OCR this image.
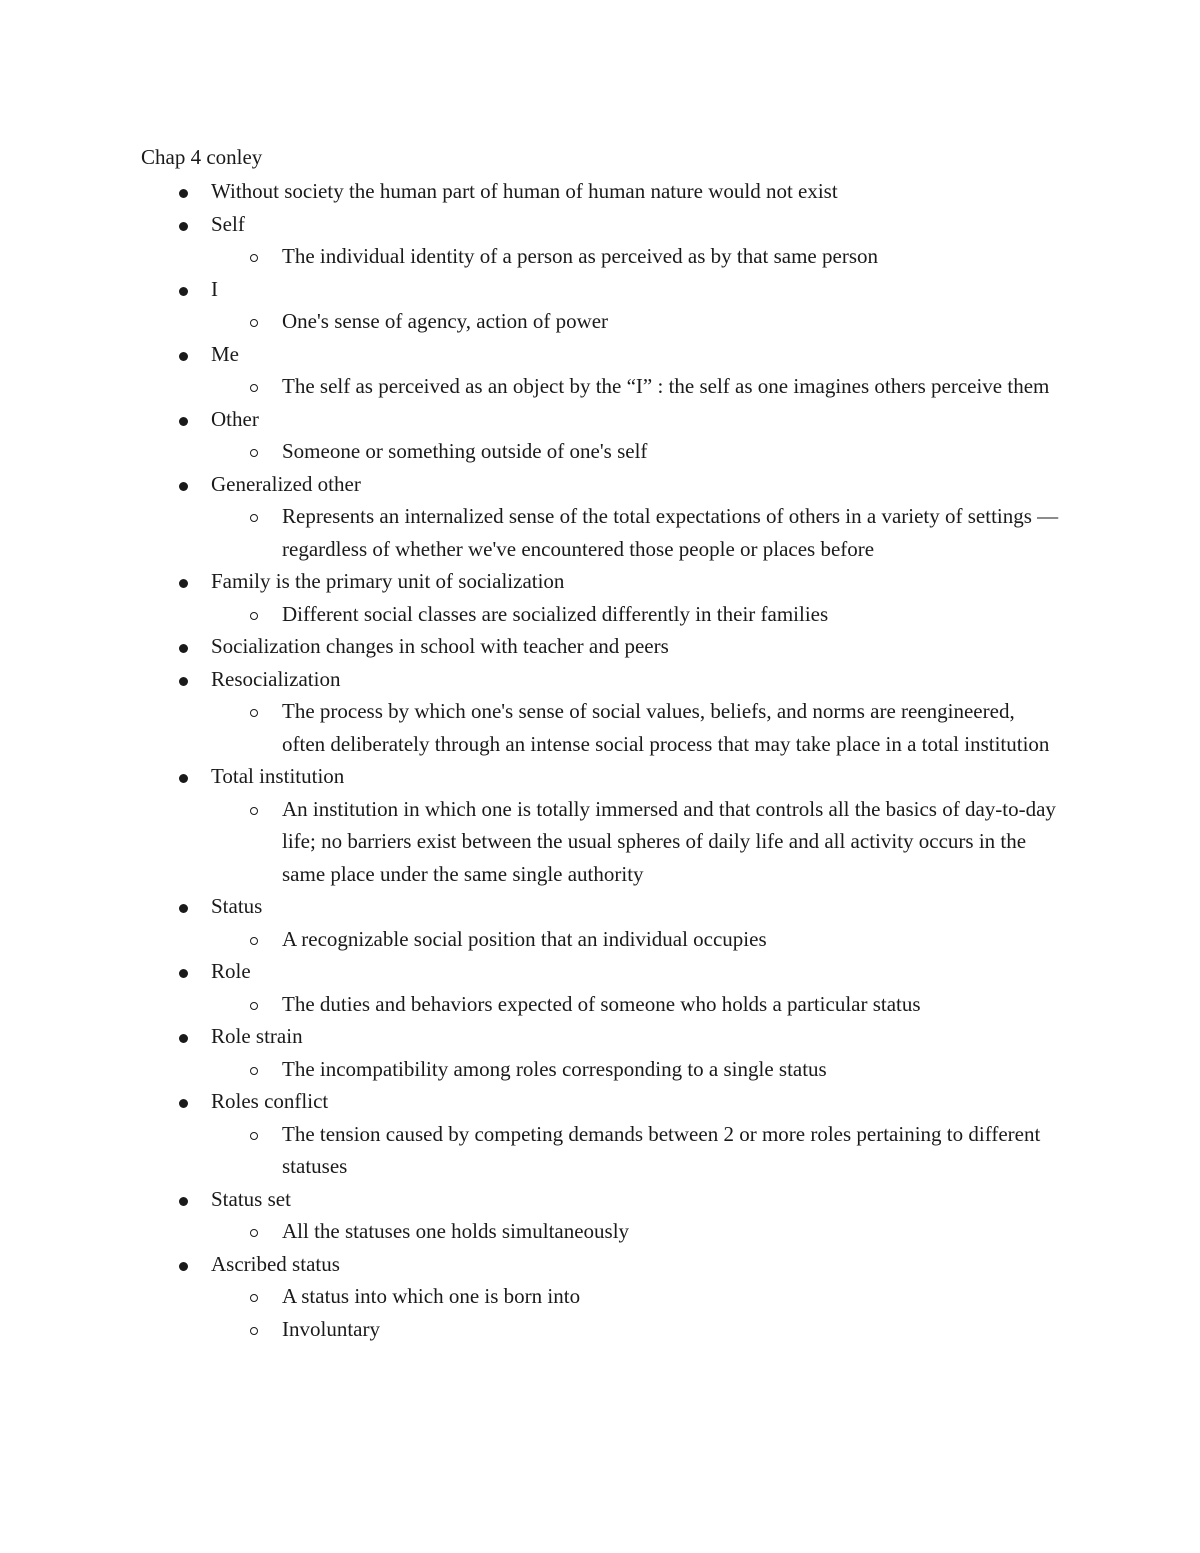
Chap 4 conley
Without society the human part of human of human nature would not exist
Self
The individual identity of a person as perceived as by that same person
I
One's sense of agency, action of power
Me
The self as perceived as an object by the “I” : the self as one imagines others perceive them
Other
Someone or something outside of one's self
Generalized other
Represents an internalized sense of the total expectations of others in a variety of settings — regardless of whether we've encountered those people or places before
Family is the primary unit of socialization
Different social classes are socialized differently in their families
Socialization changes in school with teacher and peers
Resocialization
The process by which one's sense of social values, beliefs, and norms are reengineered, often deliberately through an intense social process that may take place in a total institution
Total institution
An institution in which one is totally immersed and that controls all the basics of day-to-day life; no barriers exist between the usual spheres of daily life and all activity occurs in the same place under the same single authority
Status
A recognizable social position that an individual occupies
Role
The duties and behaviors expected of someone who holds a particular status
Role strain
The incompatibility among roles corresponding to a single status
Roles conflict
The tension caused by competing demands between 2 or more roles pertaining to different statuses
Status set
All the statuses one holds simultaneously
Ascribed status
A status into which one is born into
Involuntary
